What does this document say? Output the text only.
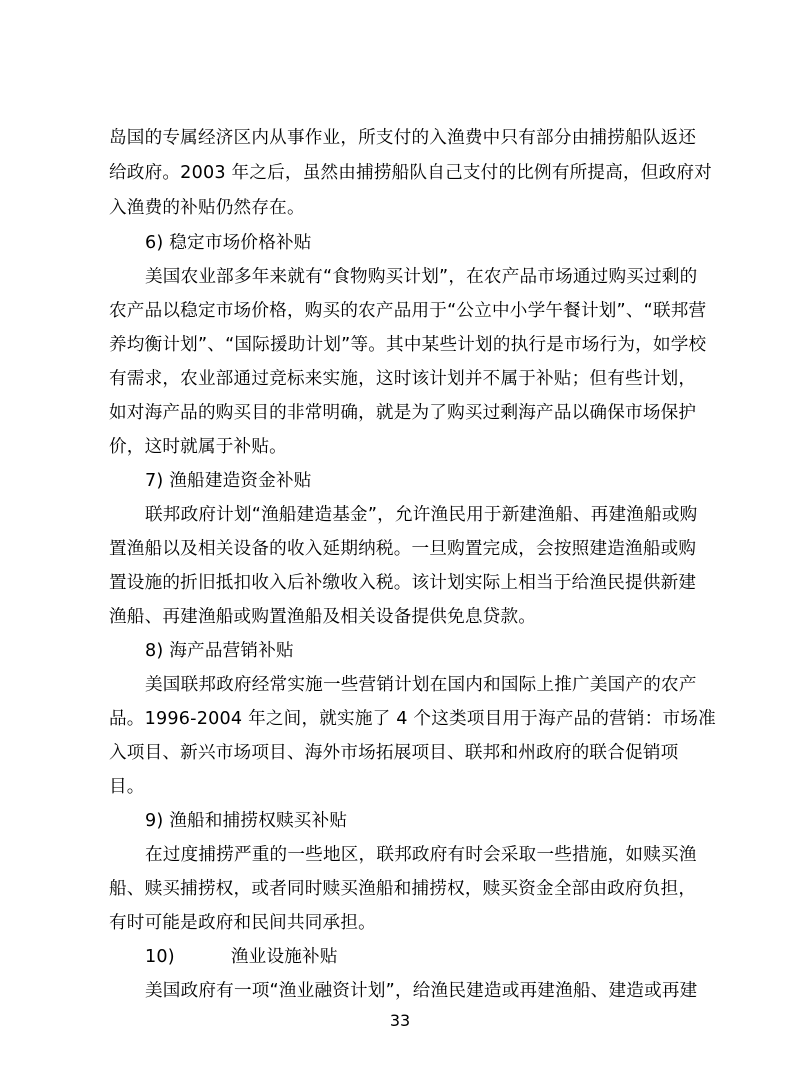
岛国的专属经济区内从事作业，所支付的入渔费中只有部分由捕捞船队返还
给政府。2003 年之后，虽然由捕捞船队自己支付的比例有所提高，但政府对
入渔费的补贴仍然存在。
6) 稳定市场价格补贴
美国农业部多年来就有“食物购买计划”，在农产品市场通过购买过剩的
农产品以稳定市场价格，购买的农产品用于“公立中小学午餐计划”、“联邦营
养均衡计划”、“国际援助计划”等。其中某些计划的执行是市场行为，如学校
有需求，农业部通过竞标来实施，这时该计划并不属于补贴；但有些计划，
如对海产品的购买目的非常明确，就是为了购买过剩海产品以确保市场保护
价，这时就属于补贴。
7) 渔船建造资金补贴
联邦政府计划“渔船建造基金”，允许渔民用于新建渔船、再建渔船或购
置渔船以及相关设备的收入延期纳税。一旦购置完成，会按照建造渔船或购
置设施的折旧抵扣收入后补缴收入税。该计划实际上相当于给渔民提供新建
渔船、再建渔船或购置渔船及相关设备提供免息贷款。
8) 海产品营销补贴
美国联邦政府经常实施一些营销计划在国内和国际上推广美国产的农产
品。1996-2004 年之间，就实施了 4 个这类项目用于海产品的营销：市场准
入项目、新兴市场项目、海外市场拓展项目、联邦和州政府的联合促销项
目。
9) 渔船和捕捞权赎买补贴
在过度捕捞严重的一些地区，联邦政府有时会采取一些措施，如赎买渔
船、赎买捕捞权，或者同时赎买渔船和捕捞权，赎买资金全部由政府负担，
有时可能是政府和民间共同承担。
10)	渔业设施补贴
美国政府有一项“渔业融资计划”，给渔民建造或再建渔船、建造或再建
33
